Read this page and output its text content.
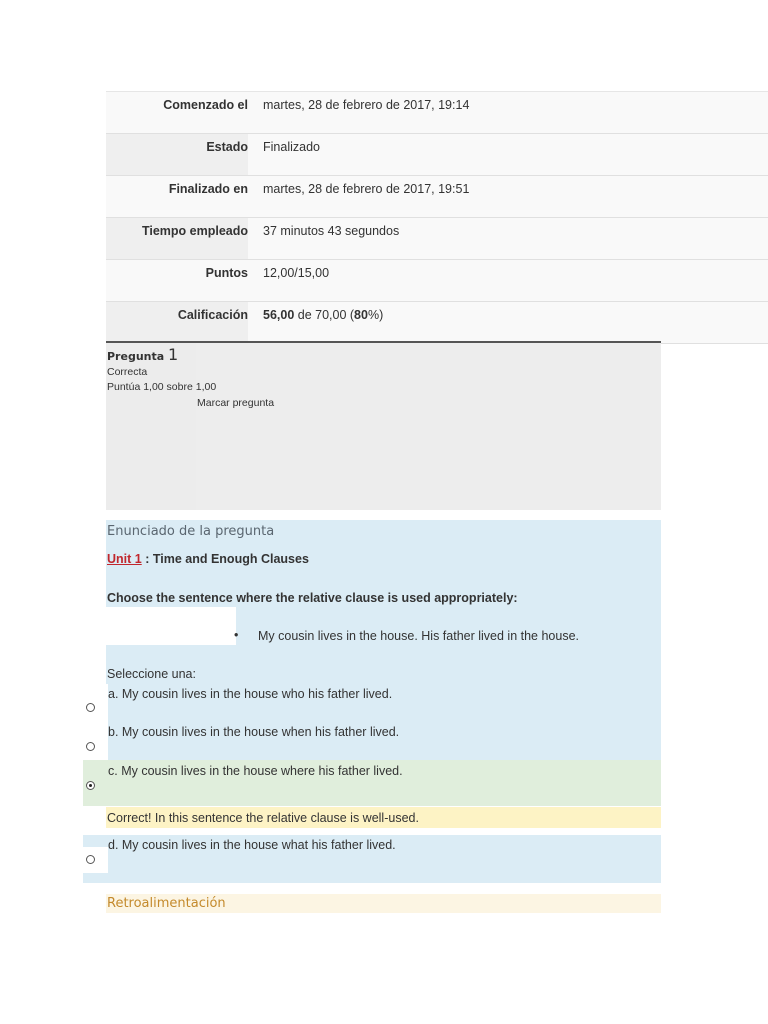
Comenzado el	martes, 28 de febrero de 2017, 19:14
Estado	Finalizado
Finalizado en	martes, 28 de febrero de 2017, 19:51
Tiempo empleado	37 minutos 43 segundos
Puntos	12,00/15,00
Calificación	56,00 de 70,00 (80%)
Pregunta 1
Correcta
Puntúa 1,00 sobre 1,00
Marcar pregunta
Enunciado de la pregunta
Unit 1 : Time and Enough Clauses
Choose the sentence where the relative clause is used appropriately:
• My cousin lives in the house. His father lived in the house.
Seleccione una:
a. My cousin lives in the house who his father lived.
b. My cousin lives in the house when his father lived.
c. My cousin lives in the house where his father lived.
Correct! In this sentence the relative clause is well-used.
d. My cousin lives in the house what his father lived.
Retroalimentación
